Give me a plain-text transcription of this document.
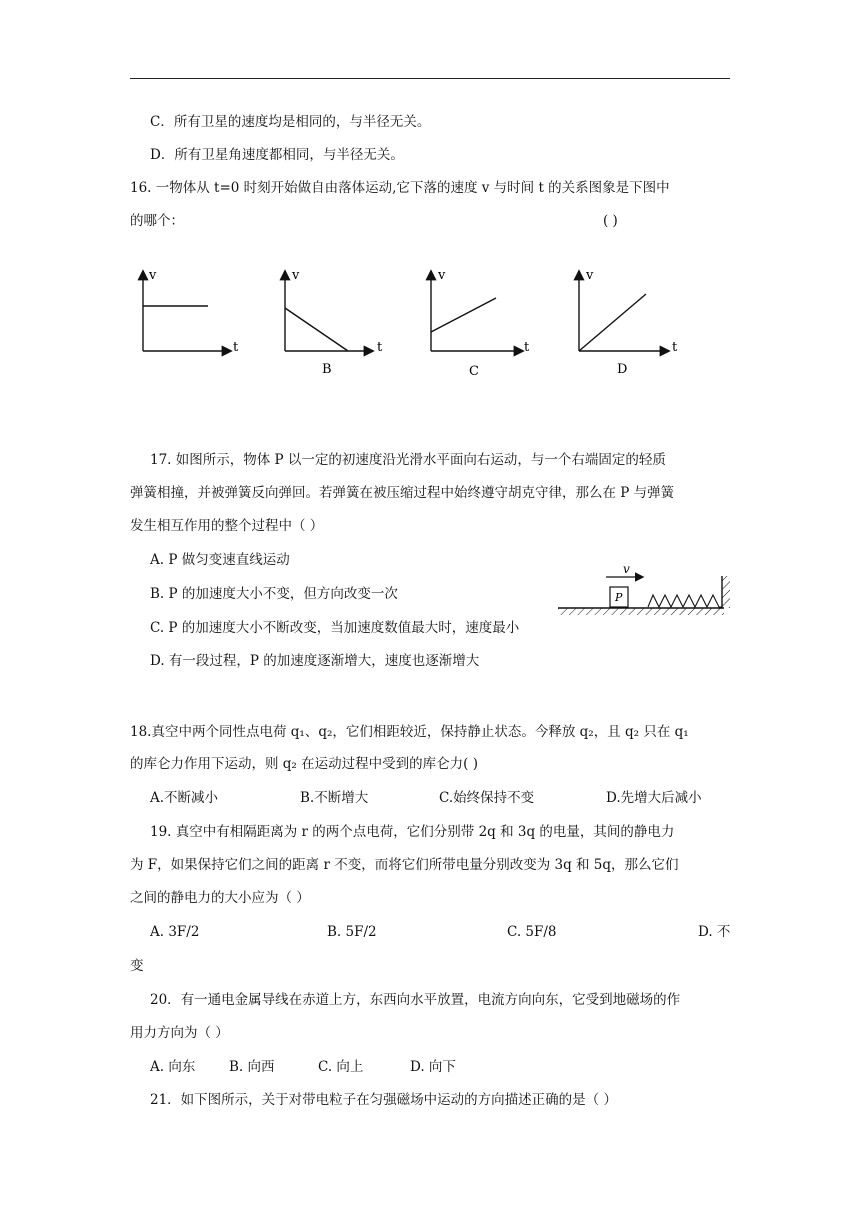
C．所有卫星的速度均是相同的，与半径无关。
D．所有卫星角速度都相同，与半径无关。
16. 一物体从 t=0 时刻开始做自由落体运动,它下落的速度 v 与时间 t 的关系图象是下图中
的哪个：	( )
v
t
v
t
B
v
t
C
v
t
D
17. 如图所示，物体 P 以一定的初速度沿光滑水平面向右运动，与一个右端固定的轻质
弹簧相撞，并被弹簧反向弹回。若弹簧在被压缩过程中始终遵守胡克守律，那么在 P 与弹簧
发生相互作用的整个过程中（ ）
A. P 做匀变速直线运动
B. P 的加速度大小不变，但方向改变一次
C. P 的加速度大小不断改变，当加速度数值最大时，速度最小
D. 有一段过程，P 的加速度逐渐增大，速度也逐渐增大
v
P
18.真空中两个同性点电荷 q₁、q₂，它们相距较近，保持静止状态。今释放 q₂，且 q₂ 只在 q₁
的库仑力作用下运动，则 q₂ 在运动过程中受到的库仑力( )
A.不断减小	B.不断增大	C.始终保持不变	D.先增大后减小
19. 真空中有相隔距离为 r 的两个点电荷，它们分别带 2q 和 3q 的电量，其间的静电力
为 F，如果保持它们之间的距离 r 不变，而将它们所带电量分别改变为 3q 和 5q，那么它们
之间的静电力的大小应为（ ）
A. 3F/2	B. 5F/2	C. 5F/8	D. 不
变
20．有一通电金属导线在赤道上方，东西向水平放置，电流方向向东，它受到地磁场的作
用力方向为（ ）
A. 向东 B. 向西	C. 向上	D. 向下
21．如下图所示，关于对带电粒子在匀强磁场中运动的方向描述正确的是（ ）
